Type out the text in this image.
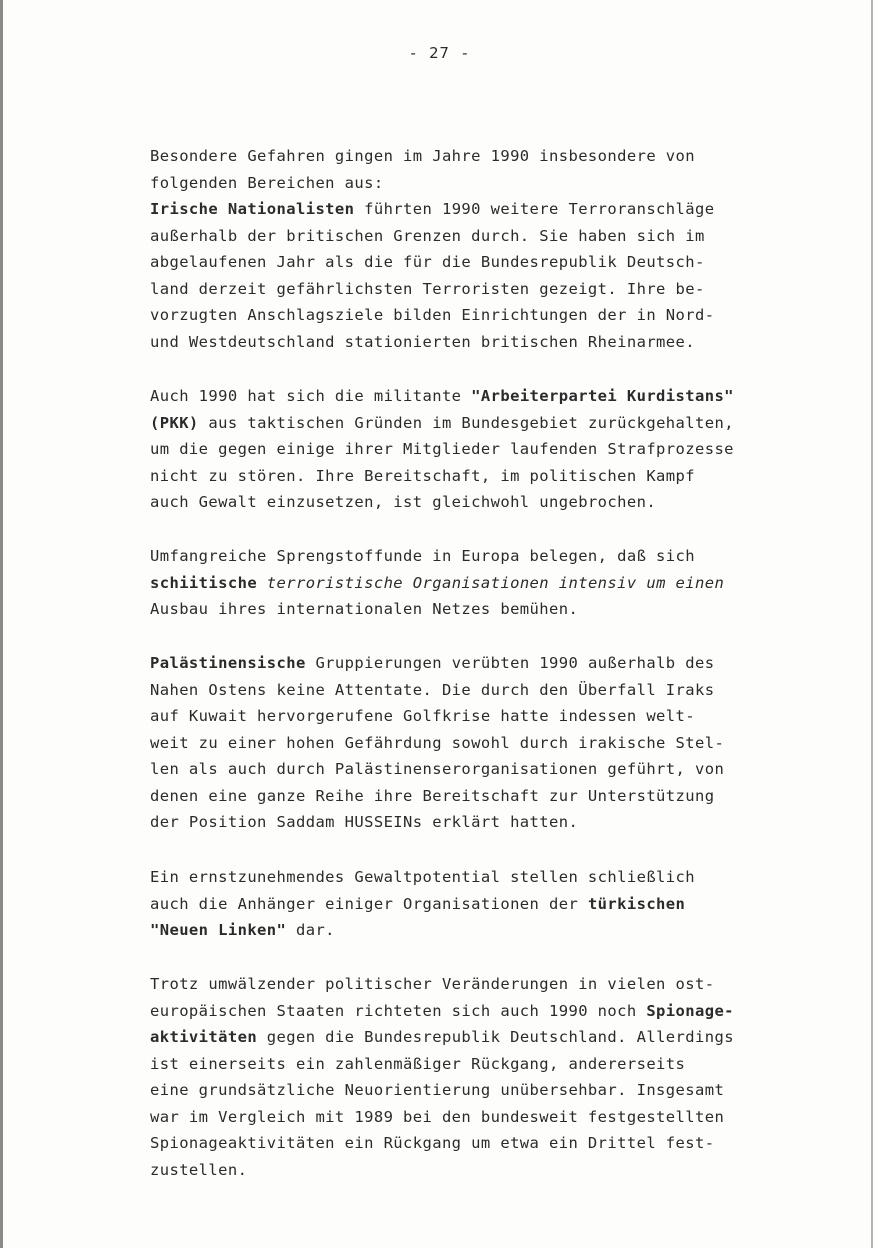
- 27 -

Besondere Gefahren gingen im Jahre 1990 insbesondere von
folgenden Bereichen aus:
Irische Nationalisten führten 1990 weitere Terroranschläge
außerhalb der britischen Grenzen durch. Sie haben sich im
abgelaufenen Jahr als die für die Bundesrepublik Deutsch-
land derzeit gefährlichsten Terroristen gezeigt. Ihre be-
vorzugten Anschlagsziele bilden Einrichtungen der in Nord-
und Westdeutschland stationierten britischen Rheinarmee.

Auch 1990 hat sich die militante "Arbeiterpartei Kurdistans"
(PKK) aus taktischen Gründen im Bundesgebiet zurückgehalten,
um die gegen einige ihrer Mitglieder laufenden Strafprozesse
nicht zu stören. Ihre Bereitschaft, im politischen Kampf
auch Gewalt einzusetzen, ist gleichwohl ungebrochen.

Umfangreiche Sprengstoffunde in Europa belegen, daß sich
schiitische terroristische Organisationen intensiv um einen
Ausbau ihres internationalen Netzes bemühen.

Palästinensische Gruppierungen verübten 1990 außerhalb des
Nahen Ostens keine Attentate. Die durch den Überfall Iraks
auf Kuwait hervorgerufene Golfkrise hatte indessen welt-
weit zu einer hohen Gefährdung sowohl durch irakische Stel-
len als auch durch Palästinenserorganisationen geführt, von
denen eine ganze Reihe ihre Bereitschaft zur Unterstützung
der Position Saddam HUSSEINs erklärt hatten.

Ein ernstzunehmendes Gewaltpotential stellen schließlich
auch die Anhänger einiger Organisationen der türkischen
"Neuen Linken" dar.

Trotz umwälzender politischer Veränderungen in vielen ost-
europäischen Staaten richteten sich auch 1990 noch Spionage-
aktivitäten gegen die Bundesrepublik Deutschland. Allerdings
ist einerseits ein zahlenmäßiger Rückgang, andererseits
eine grundsätzliche Neuorientierung unübersehbar. Insgesamt
war im Vergleich mit 1989 bei den bundesweit festgestellten
Spionageaktivitäten ein Rückgang um etwa ein Drittel fest-
zustellen.
